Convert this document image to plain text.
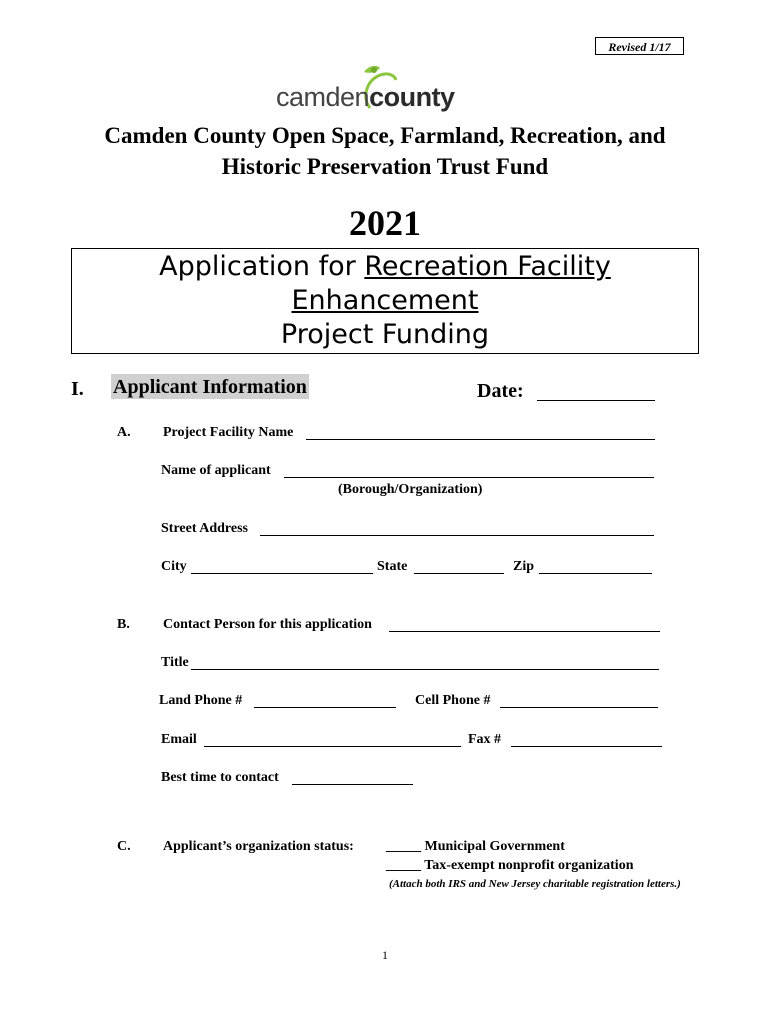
Revised 1/17
camdencounty
Camden County Open Space, Farmland, Recreation, and
Historic Preservation Trust Fund
2021
Application for Recreation Facility
Enhancement
Project Funding
I. Applicant Information	Date:
A. Project Facility Name
Name of applicant
(Borough/Organization)
Street Address
City	State	Zip
B. Contact Person for this application
Title
Land Phone #	Cell Phone #
Email	Fax #
Best time to contact
C. Applicant’s organization status: _____ Municipal Government
_____ Tax-exempt nonprofit organization
(Attach both IRS and New Jersey charitable registration letters.)
1
